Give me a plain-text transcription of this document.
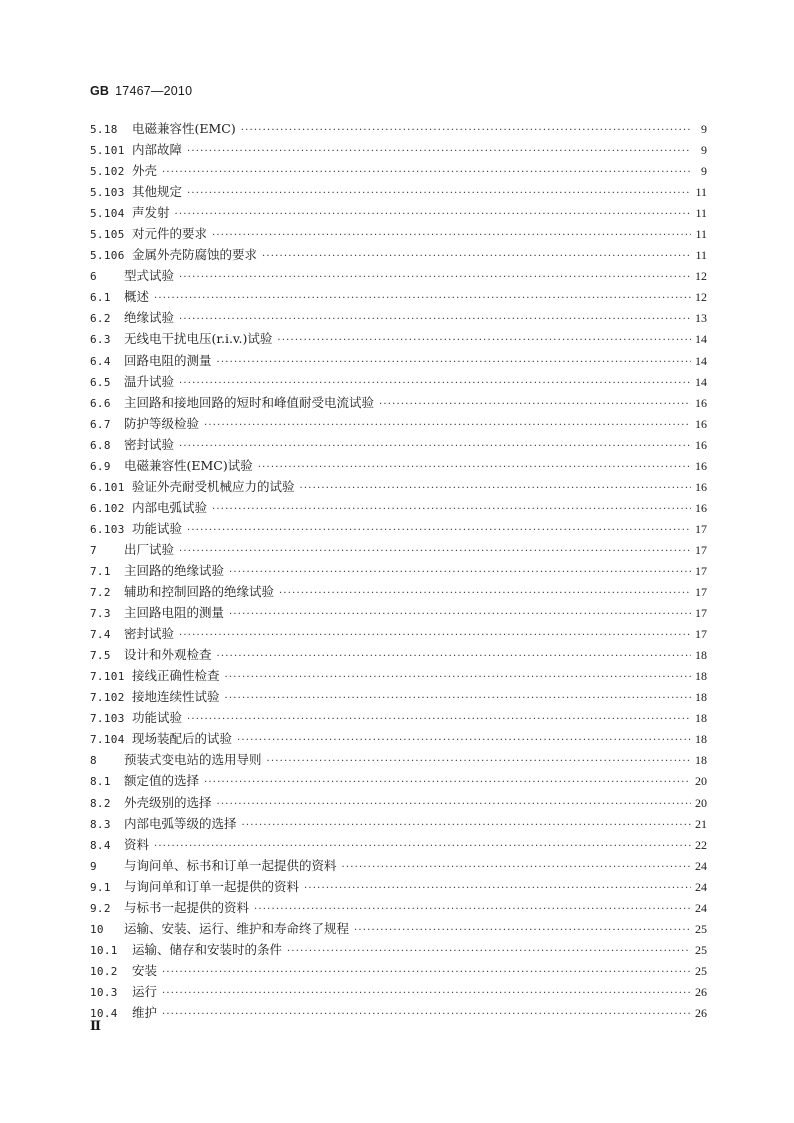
GB 17467—2010
5.18	电磁兼容性(EMC) ·····	9
5.101 内部故障 ·····	9
5.102 外壳 ·····	9
5.103 其他规定 ·····	11
5.104 声发射 ·····	11
5.105 对元件的要求 ·····	11
5.106 金属外壳防腐蚀的要求 ·····	11
6	型式试验 ·····	12
6.1	概述 ·····	12
6.2	绝缘试验 ·····	13
6.3	无线电干扰电压(r.i.v.)试验 ·····	14
6.4	回路电阻的测量 ·····	14
6.5	温升试验 ·····	14
6.6	主回路和接地回路的短时和峰值耐受电流试验 ·····	16
6.7	防护等级检验 ·····	16
6.8	密封试验 ·····	16
6.9	电磁兼容性(EMC)试验 ·····	16
6.101 验证外壳耐受机械应力的试验 ·····	16
6.102 内部电弧试验 ·····	16
6.103 功能试验 ·····	17
7	出厂试验 ·····	17
7.1	主回路的绝缘试验 ·····	17
7.2	辅助和控制回路的绝缘试验 ·····	17
7.3	主回路电阻的测量 ·····	17
7.4	密封试验 ·····	17
7.5	设计和外观检查 ·····	18
7.101 接线正确性检查 ·····	18
7.102 接地连续性试验 ·····	18
7.103 功能试验 ·····	18
7.104 现场装配后的试验 ·····	18
8	预装式变电站的选用导则 ·····	18
8.1	额定值的选择 ·····	20
8.2	外壳级别的选择 ·····	20
8.3	内部电弧等级的选择 ·····	21
8.4	资料 ·····	22
9	与询问单、标书和订单一起提供的资料 ·····	24
9.1	与询问单和订单一起提供的资料 ·····	24
9.2	与标书一起提供的资料 ·····	24
10	运输、安装、运行、维护和寿命终了规程 ·····	25
10.1	运输、储存和安装时的条件 ·····	25
10.2	安装 ·····	25
10.3	运行 ·····	26
10.4	维护 ·····	26
Ⅱ
